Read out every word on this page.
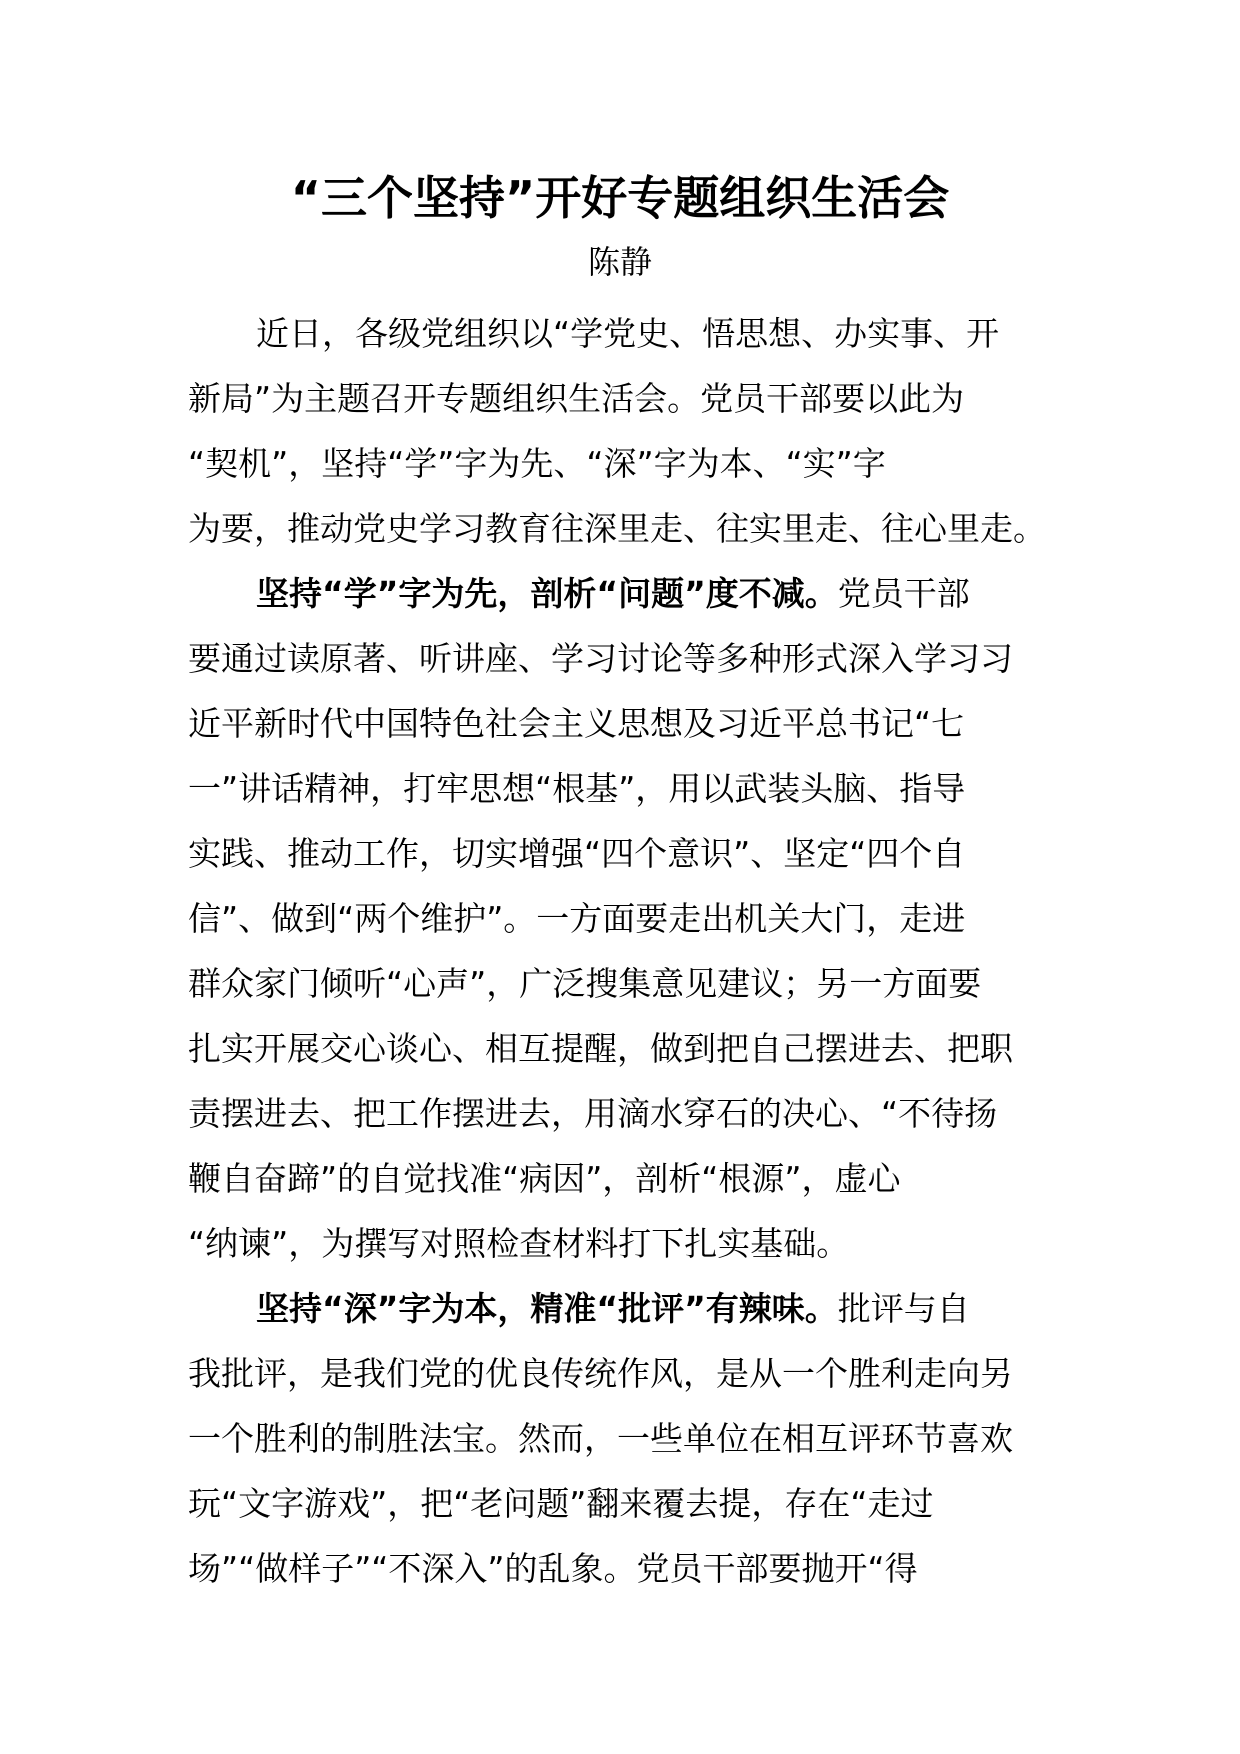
“三个坚持”开好专题组织生活会
陈静
近日，各级党组织以“学党史、悟思想、办实事、开
新局”为主题召开专题组织生活会。党员干部要以此为
“契机”，坚持“学”字为先、“深”字为本、“实”字
为要，推动党史学习教育往深里走、往实里走、往心里走。
坚持“学”字为先，剖析“问题”度不减。党员干部
要通过读原著、听讲座、学习讨论等多种形式深入学习习
近平新时代中国特色社会主义思想及习近平总书记“七
一”讲话精神，打牢思想“根基”，用以武装头脑、指导
实践、推动工作，切实增强“四个意识”、坚定“四个自
信”、做到“两个维护”。一方面要走出机关大门，走进
群众家门倾听“心声”，广泛搜集意见建议；另一方面要
扎实开展交心谈心、相互提醒，做到把自己摆进去、把职
责摆进去、把工作摆进去，用滴水穿石的决心、“不待扬
鞭自奋蹄”的自觉找准“病因”，剖析“根源”，虚心
“纳谏”，为撰写对照检查材料打下扎实基础。
坚持“深”字为本，精准“批评”有辣味。批评与自
我批评，是我们党的优良传统作风，是从一个胜利走向另
一个胜利的制胜法宝。然而，一些单位在相互评环节喜欢
玩“文字游戏”，把“老问题”翻来覆去提，存在“走过
场”“做样子”“不深入”的乱象。党员干部要抛开“得
